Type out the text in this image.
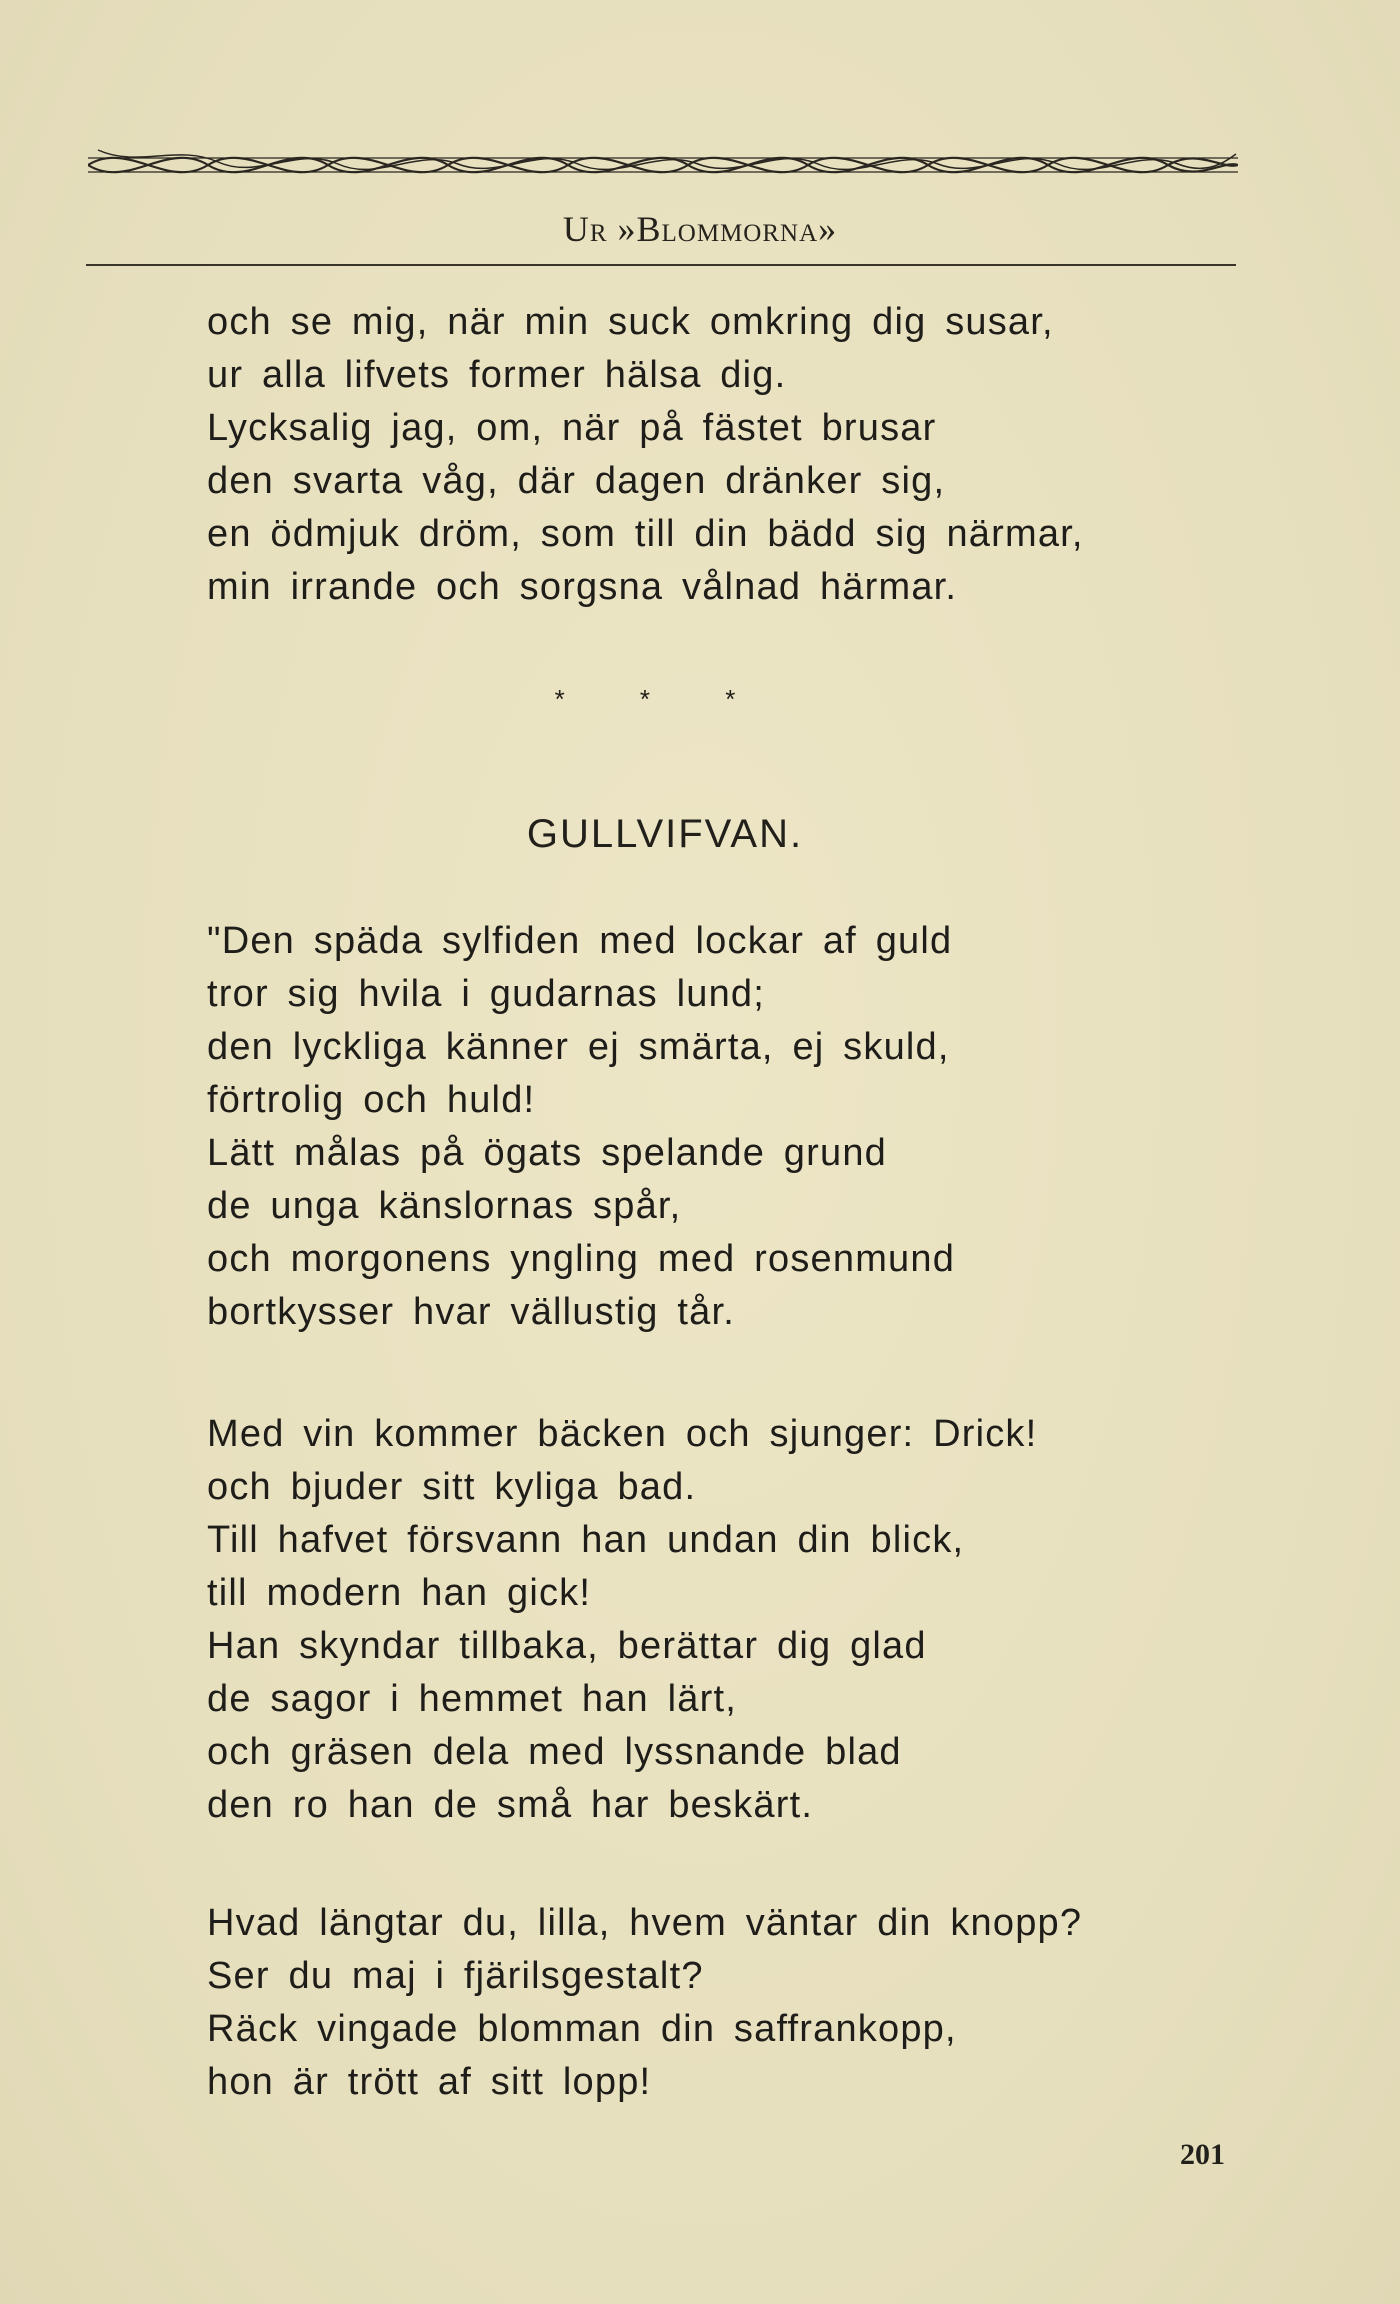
Ur »Blommorna»
och se mig, när min suck omkring dig susar,
ur alla lifvets former hälsa dig.
Lycksalig jag, om, när på fästet brusar
den svarta våg, där dagen dränker sig,
en ödmjuk dröm, som till din bädd sig närmar,
min irrande och sorgsna vålnad härmar.
* * *
GULLVIFVAN.
"Den späda sylfiden med lockar af guld
tror sig hvila i gudarnas lund;
den lyckliga känner ej smärta, ej skuld,
förtrolig och huld!
Lätt målas på ögats spelande grund
de unga känslornas spår,
och morgonens yngling med rosenmund
bortkysser hvar vällustig tår.
Med vin kommer bäcken och sjunger: Drick!
och bjuder sitt kyliga bad.
Till hafvet försvann han undan din blick,
till modern han gick!
Han skyndar tillbaka, berättar dig glad
de sagor i hemmet han lärt,
och gräsen dela med lyssnande blad
den ro han de små har beskärt.
Hvad längtar du, lilla, hvem väntar din knopp?
Ser du maj i fjärilsgestalt?
Räck vingade blomman din saffrankopp,
hon är trött af sitt lopp!
201
